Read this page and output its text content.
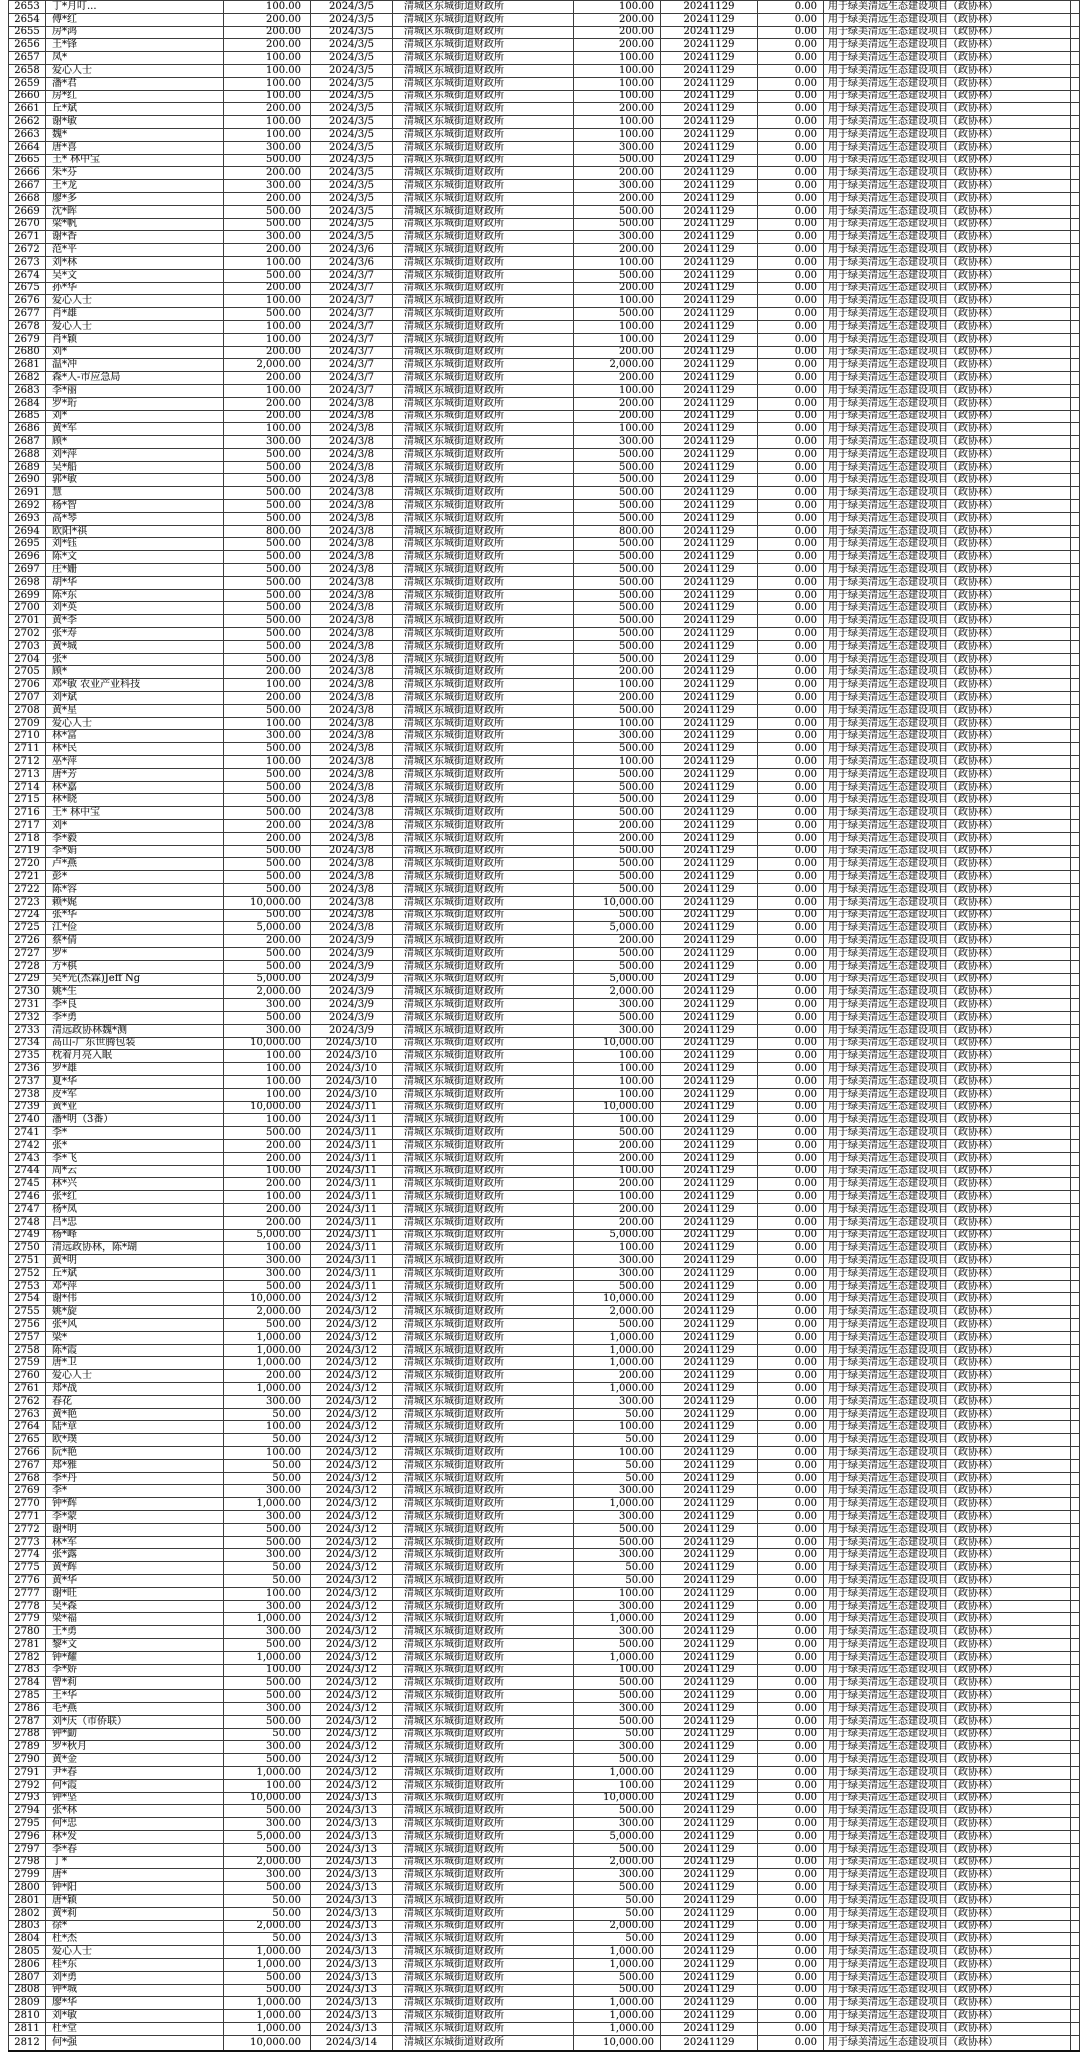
2653	丁*月叮...	100.00	2024/3/5	清城区东城街道财政所	100.00	20241129	0.00	用于绿美清远生态建设项目（政协林）	
2654	傅*红	200.00	2024/3/5	清城区东城街道财政所	200.00	20241129	0.00	用于绿美清远生态建设项目（政协林）	
2655	房*鸿	200.00	2024/3/5	清城区东城街道财政所	200.00	20241129	0.00	用于绿美清远生态建设项目（政协林）	
2656	王*锋	200.00	2024/3/5	清城区东城街道财政所	200.00	20241129	0.00	用于绿美清远生态建设项目（政协林）	
2657	凤*	100.00	2024/3/5	清城区东城街道财政所	100.00	20241129	0.00	用于绿美清远生态建设项目（政协林）	
2658	爱心人士	100.00	2024/3/5	清城区东城街道财政所	100.00	20241129	0.00	用于绿美清远生态建设项目（政协林）	
2659	潘*君	100.00	2024/3/5	清城区东城街道财政所	100.00	20241129	0.00	用于绿美清远生态建设项目（政协林）	
2660	房*红	100.00	2024/3/5	清城区东城街道财政所	100.00	20241129	0.00	用于绿美清远生态建设项目（政协林）	
2661	丘*斌	200.00	2024/3/5	清城区东城街道财政所	200.00	20241129	0.00	用于绿美清远生态建设项目（政协林）	
2662	谢*敏	100.00	2024/3/5	清城区东城街道财政所	100.00	20241129	0.00	用于绿美清远生态建设项目（政协林）	
2663	魏*	100.00	2024/3/5	清城区东城街道财政所	100.00	20241129	0.00	用于绿美清远生态建设项目（政协林）	
2664	唐*喜	300.00	2024/3/5	清城区东城街道财政所	300.00	20241129	0.00	用于绿美清远生态建设项目（政协林）	
2665	王* 林中宝	500.00	2024/3/5	清城区东城街道财政所	500.00	20241129	0.00	用于绿美清远生态建设项目（政协林）	
2666	朱*芬	200.00	2024/3/5	清城区东城街道财政所	200.00	20241129	0.00	用于绿美清远生态建设项目（政协林）	
2667	王*龙	300.00	2024/3/5	清城区东城街道财政所	300.00	20241129	0.00	用于绿美清远生态建设项目（政协林）	
2668	廖*多	200.00	2024/3/5	清城区东城街道财政所	200.00	20241129	0.00	用于绿美清远生态建设项目（政协林）	
2669	沈*晖	500.00	2024/3/5	清城区东城街道财政所	500.00	20241129	0.00	用于绿美清远生态建设项目（政协林）	
2670	梁*帆	500.00	2024/3/5	清城区东城街道财政所	500.00	20241129	0.00	用于绿美清远生态建设项目（政协林）	
2671	谢*香	300.00	2024/3/5	清城区东城街道财政所	300.00	20241129	0.00	用于绿美清远生态建设项目（政协林）	
2672	范*平	200.00	2024/3/6	清城区东城街道财政所	200.00	20241129	0.00	用于绿美清远生态建设项目（政协林）	
2673	刘*林	100.00	2024/3/6	清城区东城街道财政所	100.00	20241129	0.00	用于绿美清远生态建设项目（政协林）	
2674	吴*文	500.00	2024/3/7	清城区东城街道财政所	500.00	20241129	0.00	用于绿美清远生态建设项目（政协林）	
2675	孙*华	200.00	2024/3/7	清城区东城街道财政所	200.00	20241129	0.00	用于绿美清远生态建设项目（政协林）	
2676	爱心人士	100.00	2024/3/7	清城区东城街道财政所	100.00	20241129	0.00	用于绿美清远生态建设项目（政协林）	
2677	肖*雄	500.00	2024/3/7	清城区东城街道财政所	500.00	20241129	0.00	用于绿美清远生态建设项目（政协林）	
2678	爱心人士	100.00	2024/3/7	清城区东城街道财政所	100.00	20241129	0.00	用于绿美清远生态建设项目（政协林）	
2679	肖*颖	100.00	2024/3/7	清城区东城街道财政所	100.00	20241129	0.00	用于绿美清远生态建设项目（政协林）	
2680	刘*	200.00	2024/3/7	清城区东城街道财政所	200.00	20241129	0.00	用于绿美清远生态建设项目（政协林）	
2681	温*冲	2,000.00	2024/3/7	清城区东城街道财政所	2,000.00	20241129	0.00	用于绿美清远生态建设项目（政协林）	
2682	森*人-市应急局	200.00	2024/3/7	清城区东城街道财政所	200.00	20241129	0.00	用于绿美清远生态建设项目（政协林）	
2683	李*丽	100.00	2024/3/7	清城区东城街道财政所	100.00	20241129	0.00	用于绿美清远生态建设项目（政协林）	
2684	罗*珩	200.00	2024/3/8	清城区东城街道财政所	200.00	20241129	0.00	用于绿美清远生态建设项目（政协林）	
2685	刘*	200.00	2024/3/8	清城区东城街道财政所	200.00	20241129	0.00	用于绿美清远生态建设项目（政协林）	
2686	黄*军	100.00	2024/3/8	清城区东城街道财政所	100.00	20241129	0.00	用于绿美清远生态建设项目（政协林）	
2687	顾*	300.00	2024/3/8	清城区东城街道财政所	300.00	20241129	0.00	用于绿美清远生态建设项目（政协林）	
2688	刘*萍	500.00	2024/3/8	清城区东城街道财政所	500.00	20241129	0.00	用于绿美清远生态建设项目（政协林）	
2689	吴*船	500.00	2024/3/8	清城区东城街道财政所	500.00	20241129	0.00	用于绿美清远生态建设项目（政协林）	
2690	郭*敏	500.00	2024/3/8	清城区东城街道财政所	500.00	20241129	0.00	用于绿美清远生态建设项目（政协林）	
2691	慧	500.00	2024/3/8	清城区东城街道财政所	500.00	20241129	0.00	用于绿美清远生态建设项目（政协林）	
2692	杨*智	500.00	2024/3/8	清城区东城街道财政所	500.00	20241129	0.00	用于绿美清远生态建设项目（政协林）	
2693	高*琴	500.00	2024/3/8	清城区东城街道财政所	500.00	20241129	0.00	用于绿美清远生态建设项目（政协林）	
2694	欧阳*祺	800.00	2024/3/8	清城区东城街道财政所	800.00	20241129	0.00	用于绿美清远生态建设项目（政协林）	
2695	刘*钰	500.00	2024/3/8	清城区东城街道财政所	500.00	20241129	0.00	用于绿美清远生态建设项目（政协林）	
2696	陈*文	500.00	2024/3/8	清城区东城街道财政所	500.00	20241129	0.00	用于绿美清远生态建设项目（政协林）	
2697	庄*姗	500.00	2024/3/8	清城区东城街道财政所	500.00	20241129	0.00	用于绿美清远生态建设项目（政协林）	
2698	胡*华	500.00	2024/3/8	清城区东城街道财政所	500.00	20241129	0.00	用于绿美清远生态建设项目（政协林）	
2699	陈*东	500.00	2024/3/8	清城区东城街道财政所	500.00	20241129	0.00	用于绿美清远生态建设项目（政协林）	
2700	刘*英	500.00	2024/3/8	清城区东城街道财政所	500.00	20241129	0.00	用于绿美清远生态建设项目（政协林）	
2701	黄*李	500.00	2024/3/8	清城区东城街道财政所	500.00	20241129	0.00	用于绿美清远生态建设项目（政协林）	
2702	张*寿	500.00	2024/3/8	清城区东城街道财政所	500.00	20241129	0.00	用于绿美清远生态建设项目（政协林）	
2703	黄*城	500.00	2024/3/8	清城区东城街道财政所	500.00	20241129	0.00	用于绿美清远生态建设项目（政协林）	
2704	张*	500.00	2024/3/8	清城区东城街道财政所	500.00	20241129	0.00	用于绿美清远生态建设项目（政协林）	
2705	顾*	200.00	2024/3/8	清城区东城街道财政所	200.00	20241129	0.00	用于绿美清远生态建设项目（政协林）	
2706	邓*敏 农业产业科技	100.00	2024/3/8	清城区东城街道财政所	100.00	20241129	0.00	用于绿美清远生态建设项目（政协林）	
2707	刘*斌	200.00	2024/3/8	清城区东城街道财政所	200.00	20241129	0.00	用于绿美清远生态建设项目（政协林）	
2708	黄*星	500.00	2024/3/8	清城区东城街道财政所	500.00	20241129	0.00	用于绿美清远生态建设项目（政协林）	
2709	爱心人士	100.00	2024/3/8	清城区东城街道财政所	100.00	20241129	0.00	用于绿美清远生态建设项目（政协林）	
2710	林*富	300.00	2024/3/8	清城区东城街道财政所	300.00	20241129	0.00	用于绿美清远生态建设项目（政协林）	
2711	林*民	500.00	2024/3/8	清城区东城街道财政所	500.00	20241129	0.00	用于绿美清远生态建设项目（政协林）	
2712	巫*萍	100.00	2024/3/8	清城区东城街道财政所	100.00	20241129	0.00	用于绿美清远生态建设项目（政协林）	
2713	唐*芳	500.00	2024/3/8	清城区东城街道财政所	500.00	20241129	0.00	用于绿美清远生态建设项目（政协林）	
2714	林*嘉	500.00	2024/3/8	清城区东城街道财政所	500.00	20241129	0.00	用于绿美清远生态建设项目（政协林）	
2715	林*晓	500.00	2024/3/8	清城区东城街道财政所	500.00	20241129	0.00	用于绿美清远生态建设项目（政协林）	
2716	王* 林中宝	500.00	2024/3/8	清城区东城街道财政所	500.00	20241129	0.00	用于绿美清远生态建设项目（政协林）	
2717	刘*	200.00	2024/3/8	清城区东城街道财政所	200.00	20241129	0.00	用于绿美清远生态建设项目（政协林）	
2718	李*毅	200.00	2024/3/8	清城区东城街道财政所	200.00	20241129	0.00	用于绿美清远生态建设项目（政协林）	
2719	李*娟	500.00	2024/3/8	清城区东城街道财政所	500.00	20241129	0.00	用于绿美清远生态建设项目（政协林）	
2720	卢*燕	500.00	2024/3/8	清城区东城街道财政所	500.00	20241129	0.00	用于绿美清远生态建设项目（政协林）	
2721	彭*	500.00	2024/3/8	清城区东城街道财政所	500.00	20241129	0.00	用于绿美清远生态建设项目（政协林）	
2722	陈*容	500.00	2024/3/8	清城区东城街道财政所	500.00	20241129	0.00	用于绿美清远生态建设项目（政协林）	
2723	赖*娓	10,000.00	2024/3/8	清城区东城街道财政所	10,000.00	20241129	0.00	用于绿美清远生态建设项目（政协林）	
2724	张*华	500.00	2024/3/8	清城区东城街道财政所	500.00	20241129	0.00	用于绿美清远生态建设项目（政协林）	
2725	江*俭	5,000.00	2024/3/8	清城区东城街道财政所	5,000.00	20241129	0.00	用于绿美清远生态建设项目（政协林）	
2726	蔡*倩	200.00	2024/3/9	清城区东城街道财政所	200.00	20241129	0.00	用于绿美清远生态建设项目（政协林）	
2727	罗*	500.00	2024/3/9	清城区东城街道财政所	500.00	20241129	0.00	用于绿美清远生态建设项目（政协林）	
2728	方*棋	500.00	2024/3/9	清城区东城街道财政所	500.00	20241129	0.00	用于绿美清远生态建设项目（政协林）	
2729	吴*光(杰霖)Jeff Ng	5,000.00	2024/3/9	清城区东城街道财政所	5,000.00	20241129	0.00	用于绿美清远生态建设项目（政协林）	
2730	姚*生	2,000.00	2024/3/9	清城区东城街道财政所	2,000.00	20241129	0.00	用于绿美清远生态建设项目（政协林）	
2731	李*良	300.00	2024/3/9	清城区东城街道财政所	300.00	20241129	0.00	用于绿美清远生态建设项目（政协林）	
2732	李*勇	500.00	2024/3/9	清城区东城街道财政所	500.00	20241129	0.00	用于绿美清远生态建设项目（政协林）	
2733	清远政协林魏*测	300.00	2024/3/9	清城区东城街道财政所	300.00	20241129	0.00	用于绿美清远生态建设项目（政协林）	
2734	高山-广东世腾包装	10,000.00	2024/3/10	清城区东城街道财政所	10,000.00	20241129	0.00	用于绿美清远生态建设项目（政协林）	
2735	枕着月亮入眠	100.00	2024/3/10	清城区东城街道财政所	100.00	20241129	0.00	用于绿美清远生态建设项目（政协林）	
2736	罗*雄	100.00	2024/3/10	清城区东城街道财政所	100.00	20241129	0.00	用于绿美清远生态建设项目（政协林）	
2737	夏*华	100.00	2024/3/10	清城区东城街道财政所	100.00	20241129	0.00	用于绿美清远生态建设项目（政协林）	
2738	皮*军	100.00	2024/3/10	清城区东城街道财政所	100.00	20241129	0.00	用于绿美清远生态建设项目（政协林）	
2739	黄*业	10,000.00	2024/3/11	清城区东城街道财政所	10,000.00	20241129	0.00	用于绿美清远生态建设项目（政协林）	
2740	潘*明（3番）	100.00	2024/3/11	清城区东城街道财政所	100.00	20241129	0.00	用于绿美清远生态建设项目（政协林）	
2741	李*	500.00	2024/3/11	清城区东城街道财政所	500.00	20241129	0.00	用于绿美清远生态建设项目（政协林）	
2742	张*	200.00	2024/3/11	清城区东城街道财政所	200.00	20241129	0.00	用于绿美清远生态建设项目（政协林）	
2743	李*飞	200.00	2024/3/11	清城区东城街道财政所	200.00	20241129	0.00	用于绿美清远生态建设项目（政协林）	
2744	周*云	100.00	2024/3/11	清城区东城街道财政所	100.00	20241129	0.00	用于绿美清远生态建设项目（政协林）	
2745	林*兴	200.00	2024/3/11	清城区东城街道财政所	200.00	20241129	0.00	用于绿美清远生态建设项目（政协林）	
2746	张*红	100.00	2024/3/11	清城区东城街道财政所	100.00	20241129	0.00	用于绿美清远生态建设项目（政协林）	
2747	杨*凤	200.00	2024/3/11	清城区东城街道财政所	200.00	20241129	0.00	用于绿美清远生态建设项目（政协林）	
2748	吕*忠	200.00	2024/3/11	清城区东城街道财政所	200.00	20241129	0.00	用于绿美清远生态建设项目（政协林）	
2749	杨*峰	5,000.00	2024/3/11	清城区东城街道财政所	5,000.00	20241129	0.00	用于绿美清远生态建设项目（政协林）	
2750	清远政协林，陈*瑚	100.00	2024/3/11	清城区东城街道财政所	100.00	20241129	0.00	用于绿美清远生态建设项目（政协林）	
2751	黄*明	300.00	2024/3/11	清城区东城街道财政所	300.00	20241129	0.00	用于绿美清远生态建设项目（政协林）	
2752	丘*斌	300.00	2024/3/11	清城区东城街道财政所	300.00	20241129	0.00	用于绿美清远生态建设项目（政协林）	
2753	邓*萍	500.00	2024/3/11	清城区东城街道财政所	500.00	20241129	0.00	用于绿美清远生态建设项目（政协林）	
2754	谢*伟	10,000.00	2024/3/12	清城区东城街道财政所	10,000.00	20241129	0.00	用于绿美清远生态建设项目（政协林）	
2755	姚*旋	2,000.00	2024/3/12	清城区东城街道财政所	2,000.00	20241129	0.00	用于绿美清远生态建设项目（政协林）	
2756	张*风	500.00	2024/3/12	清城区东城街道财政所	500.00	20241129	0.00	用于绿美清远生态建设项目（政协林）	
2757	梁*	1,000.00	2024/3/12	清城区东城街道财政所	1,000.00	20241129	0.00	用于绿美清远生态建设项目（政协林）	
2758	陈*霞	1,000.00	2024/3/12	清城区东城街道财政所	1,000.00	20241129	0.00	用于绿美清远生态建设项目（政协林）	
2759	唐*卫	1,000.00	2024/3/12	清城区东城街道财政所	1,000.00	20241129	0.00	用于绿美清远生态建设项目（政协林）	
2760	爱心人士	200.00	2024/3/12	清城区东城街道财政所	200.00	20241129	0.00	用于绿美清远生态建设项目（政协林）	
2761	郑*战	1,000.00	2024/3/12	清城区东城街道财政所	1,000.00	20241129	0.00	用于绿美清远生态建设项目（政协林）	
2762	春花	300.00	2024/3/12	清城区东城街道财政所	300.00	20241129	0.00	用于绿美清远生态建设项目（政协林）	
2763	黄*艳	50.00	2024/3/12	清城区东城街道财政所	50.00	20241129	0.00	用于绿美清远生态建设项目（政协林）	
2764	陆*章	100.00	2024/3/12	清城区东城街道财政所	100.00	20241129	0.00	用于绿美清远生态建设项目（政协林）	
2765	欧*璞	50.00	2024/3/12	清城区东城街道财政所	50.00	20241129	0.00	用于绿美清远生态建设项目（政协林）	
2766	阮*艳	100.00	2024/3/12	清城区东城街道财政所	100.00	20241129	0.00	用于绿美清远生态建设项目（政协林）	
2767	郑*雅	50.00	2024/3/12	清城区东城街道财政所	50.00	20241129	0.00	用于绿美清远生态建设项目（政协林）	
2768	李*丹	50.00	2024/3/12	清城区东城街道财政所	50.00	20241129	0.00	用于绿美清远生态建设项目（政协林）	
2769	李*	300.00	2024/3/12	清城区东城街道财政所	300.00	20241129	0.00	用于绿美清远生态建设项目（政协林）	
2770	钟*辉	1,000.00	2024/3/12	清城区东城街道财政所	1,000.00	20241129	0.00	用于绿美清远生态建设项目（政协林）	
2771	李*蒙	300.00	2024/3/12	清城区东城街道财政所	300.00	20241129	0.00	用于绿美清远生态建设项目（政协林）	
2772	谢*明	500.00	2024/3/12	清城区东城街道财政所	500.00	20241129	0.00	用于绿美清远生态建设项目（政协林）	
2773	林*军	500.00	2024/3/12	清城区东城街道财政所	500.00	20241129	0.00	用于绿美清远生态建设项目（政协林）	
2774	张*露	300.00	2024/3/12	清城区东城街道财政所	300.00	20241129	0.00	用于绿美清远生态建设项目（政协林）	
2775	黄*辉	50.00	2024/3/12	清城区东城街道财政所	50.00	20241129	0.00	用于绿美清远生态建设项目（政协林）	
2776	黄*华	50.00	2024/3/12	清城区东城街道财政所	50.00	20241129	0.00	用于绿美清远生态建设项目（政协林）	
2777	谢*旺	100.00	2024/3/12	清城区东城街道财政所	100.00	20241129	0.00	用于绿美清远生态建设项目（政协林）	
2778	吴*森	300.00	2024/3/12	清城区东城街道财政所	300.00	20241129	0.00	用于绿美清远生态建设项目（政协林）	
2779	梁*福	1,000.00	2024/3/12	清城区东城街道财政所	1,000.00	20241129	0.00	用于绿美清远生态建设项目（政协林）	
2780	王*勇	300.00	2024/3/12	清城区东城街道财政所	300.00	20241129	0.00	用于绿美清远生态建设项目（政协林）	
2781	黎*文	500.00	2024/3/12	清城区东城街道财政所	500.00	20241129	0.00	用于绿美清远生态建设项目（政协林）	
2782	钟*耀	1,000.00	2024/3/12	清城区东城街道财政所	1,000.00	20241129	0.00	用于绿美清远生态建设项目（政协林）	
2783	李*娇	100.00	2024/3/12	清城区东城街道财政所	100.00	20241129	0.00	用于绿美清远生态建设项目（政协林）	
2784	曾*莉	500.00	2024/3/12	清城区东城街道财政所	500.00	20241129	0.00	用于绿美清远生态建设项目（政协林）	
2785	王*华	500.00	2024/3/12	清城区东城街道财政所	500.00	20241129	0.00	用于绿美清远生态建设项目（政协林）	
2786	毛*燕	300.00	2024/3/12	清城区东城街道财政所	300.00	20241129	0.00	用于绿美清远生态建设项目（政协林）	
2787	刘*庆（市侨联）	500.00	2024/3/12	清城区东城街道财政所	500.00	20241129	0.00	用于绿美清远生态建设项目（政协林）	
2788	钟*勤	50.00	2024/3/12	清城区东城街道财政所	50.00	20241129	0.00	用于绿美清远生态建设项目（政协林）	
2789	罗*秋月	300.00	2024/3/12	清城区东城街道财政所	300.00	20241129	0.00	用于绿美清远生态建设项目（政协林）	
2790	黄*金	500.00	2024/3/12	清城区东城街道财政所	500.00	20241129	0.00	用于绿美清远生态建设项目（政协林）	
2791	尹*春	1,000.00	2024/3/12	清城区东城街道财政所	1,000.00	20241129	0.00	用于绿美清远生态建设项目（政协林）	
2792	何*霞	100.00	2024/3/12	清城区东城街道财政所	100.00	20241129	0.00	用于绿美清远生态建设项目（政协林）	
2793	钟*坚	10,000.00	2024/3/13	清城区东城街道财政所	10,000.00	20241129	0.00	用于绿美清远生态建设项目（政协林）	
2794	张*林	500.00	2024/3/13	清城区东城街道财政所	500.00	20241129	0.00	用于绿美清远生态建设项目（政协林）	
2795	何*忠	300.00	2024/3/13	清城区东城街道财政所	300.00	20241129	0.00	用于绿美清远生态建设项目（政协林）	
2796	林*发	5,000.00	2024/3/13	清城区东城街道财政所	5,000.00	20241129	0.00	用于绿美清远生态建设项目（政协林）	
2797	李*春	500.00	2024/3/13	清城区东城街道财政所	500.00	20241129	0.00	用于绿美清远生态建设项目（政协林）	
2798	丁*	2,000.00	2024/3/13	清城区东城街道财政所	2,000.00	20241129	0.00	用于绿美清远生态建设项目（政协林）	
2799	唐*	300.00	2024/3/13	清城区东城街道财政所	300.00	20241129	0.00	用于绿美清远生态建设项目（政协林）	
2800	钟*阳	500.00	2024/3/13	清城区东城街道财政所	500.00	20241129	0.00	用于绿美清远生态建设项目（政协林）	
2801	唐*颖	50.00	2024/3/13	清城区东城街道财政所	50.00	20241129	0.00	用于绿美清远生态建设项目（政协林）	
2802	黄*莉	50.00	2024/3/13	清城区东城街道财政所	50.00	20241129	0.00	用于绿美清远生态建设项目（政协林）	
2803	徐*	2,000.00	2024/3/13	清城区东城街道财政所	2,000.00	20241129	0.00	用于绿美清远生态建设项目（政协林）	
2804	杜*杰	50.00	2024/3/13	清城区东城街道财政所	50.00	20241129	0.00	用于绿美清远生态建设项目（政协林）	
2805	爱心人士	1,000.00	2024/3/13	清城区东城街道财政所	1,000.00	20241129	0.00	用于绿美清远生态建设项目（政协林）	
2806	桂*东	1,000.00	2024/3/13	清城区东城街道财政所	1,000.00	20241129	0.00	用于绿美清远生态建设项目（政协林）	
2807	刘*勇	500.00	2024/3/13	清城区东城街道财政所	500.00	20241129	0.00	用于绿美清远生态建设项目（政协林）	
2808	钟*城	500.00	2024/3/13	清城区东城街道财政所	500.00	20241129	0.00	用于绿美清远生态建设项目（政协林）	
2809	廖*华	1,000.00	2024/3/13	清城区东城街道财政所	1,000.00	20241129	0.00	用于绿美清远生态建设项目（政协林）	
2810	刘*敏	1,000.00	2024/3/13	清城区东城街道财政所	1,000.00	20241129	0.00	用于绿美清远生态建设项目（政协林）	
2811	杜*堂	1,000.00	2024/3/13	清城区东城街道财政所	1,000.00	20241129	0.00	用于绿美清远生态建设项目（政协林）	
2812	何*强	10,000.00	2024/3/14	清城区东城街道财政所	10,000.00	20241129	0.00	用于绿美清远生态建设项目（政协林）	
